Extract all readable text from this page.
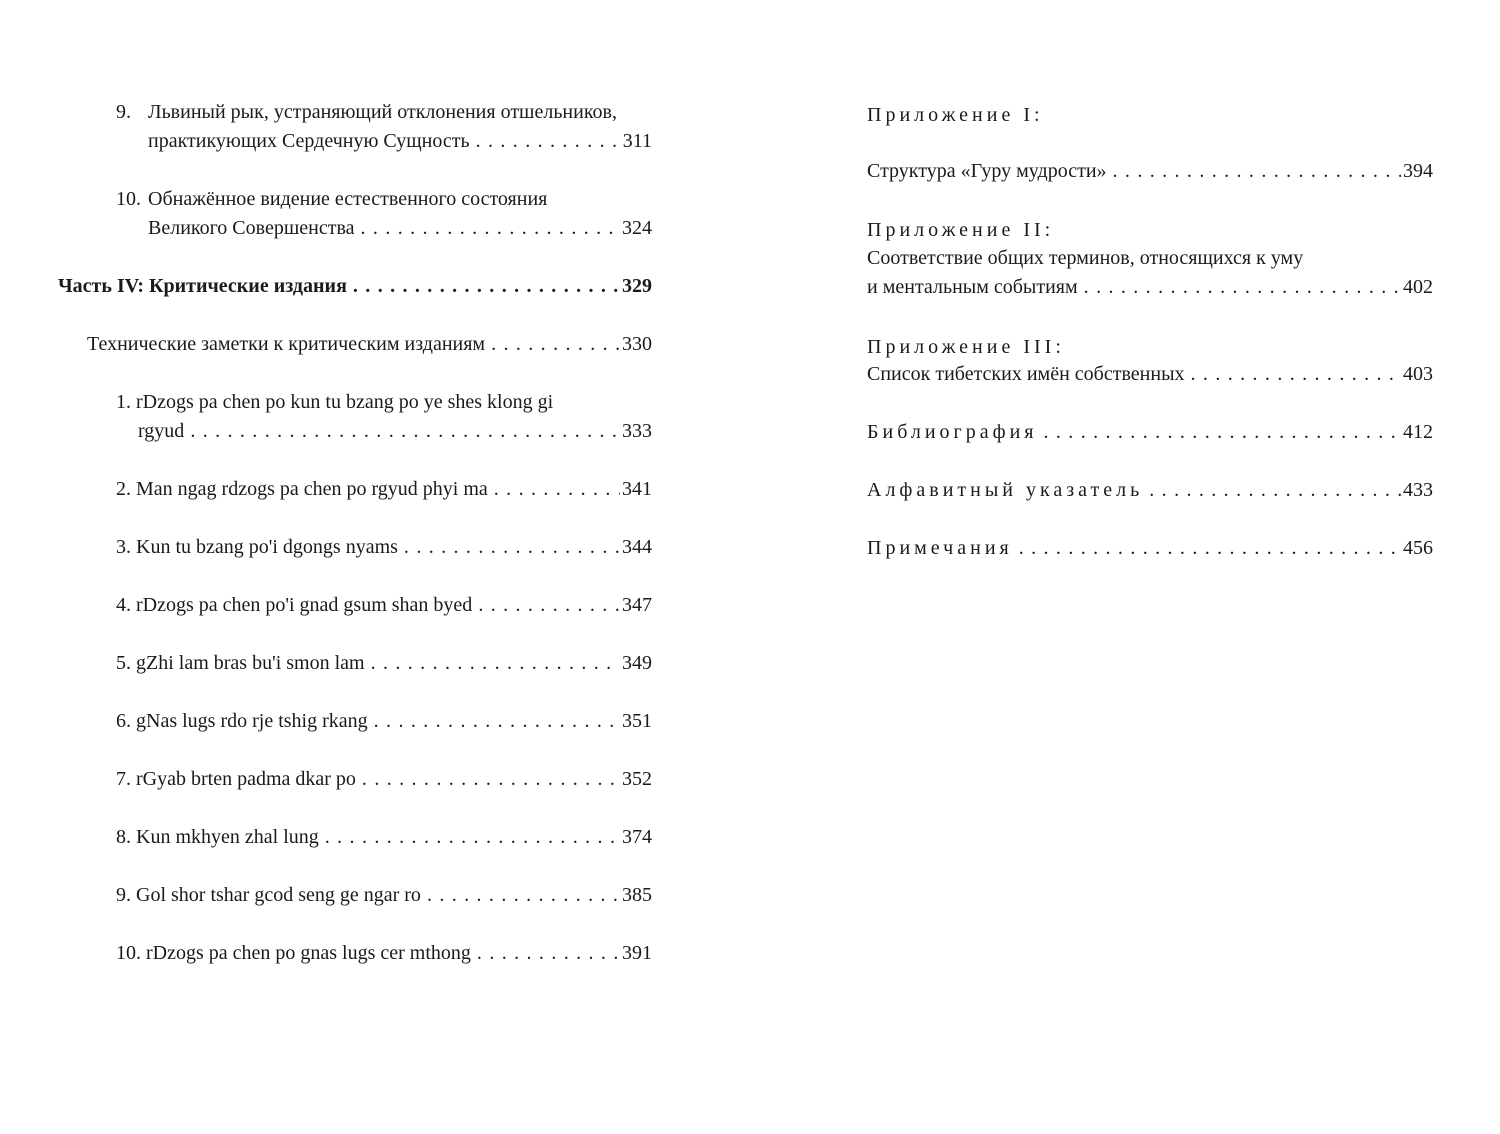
9. Львиный рык, устраняющий отклонения отшельников,
практикующих Сердечную Сущность . . .	311
10. Обнажённое видение естественного состояния
Великого Совершенства . . .	324
Часть IV: Критические издания . . .	329
Технические заметки к критическим изданиям . . .	330
1. rDzogs pa chen po kun tu bzang po ye shes klong gi
rgyud . . .	333
2. Man ngag rdzogs pa chen po rgyud phyi ma . . .	341
3. Kun tu bzang po'i dgongs nyams . . .	344
4. rDzogs pa chen po'i gnad gsum shan byed . . .	347
5. gZhi lam bras bu'i smon lam . . .	349
6. gNas lugs rdo rje tshig rkang . . .	351
7. rGyab brten padma dkar po . . .	352
8. Kun mkhyen zhal lung . . .	374
9. Gol shor tshar gcod seng ge ngar ro . . .	385
10. rDzogs pa chen po gnas lugs cer mthong . . .	391
Приложение I:
Структура «Гуру мудрости» . . .	394
Приложение II:
Соответствие общих терминов, относящихся к уму
и ментальным событиям . . .	402
Приложение III:
Список тибетских имён собственных . . .	403
Библиография . . .	412
Алфавитный указатель . . .	433
Примечания . . .	456
